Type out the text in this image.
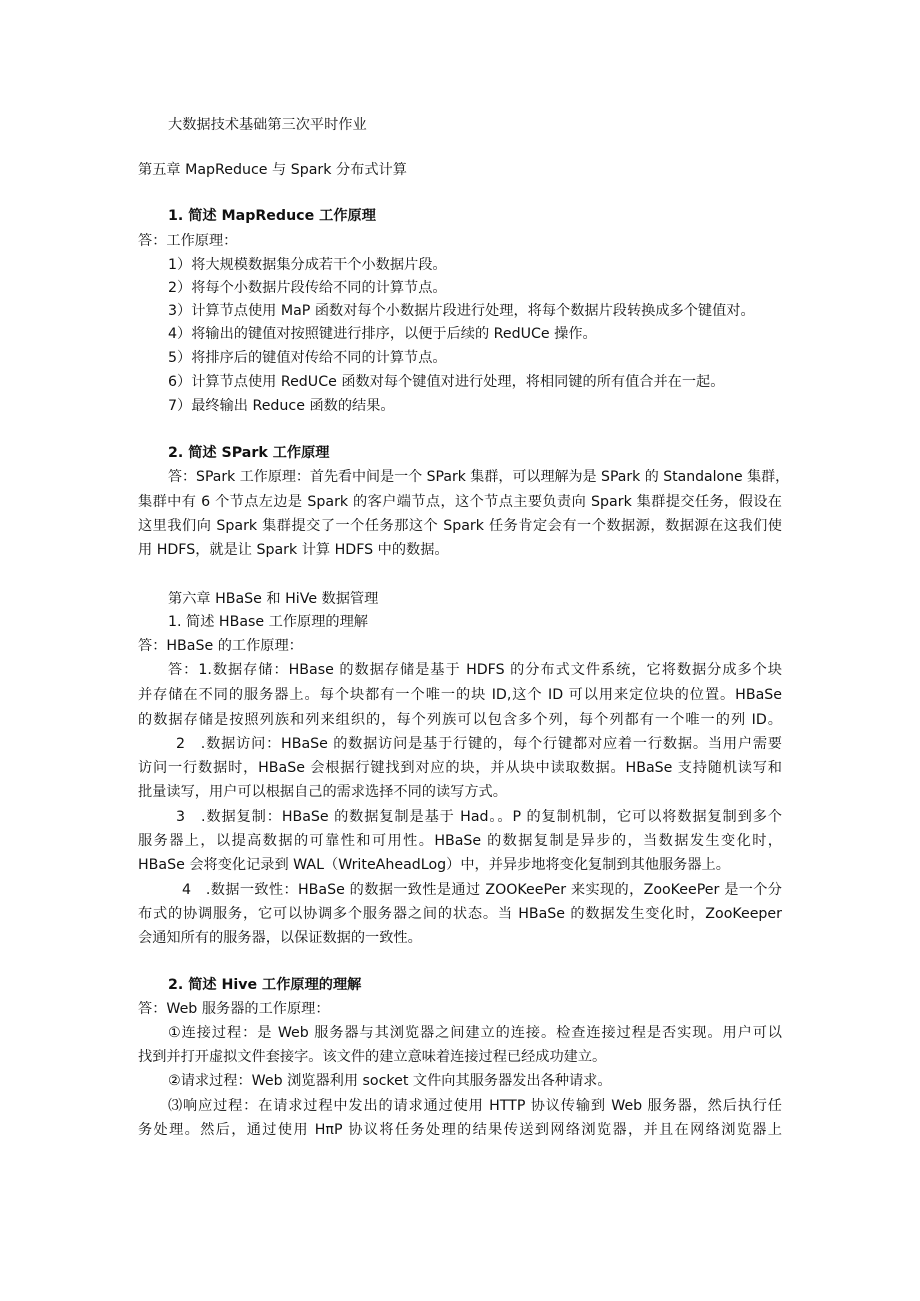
大数据技术基础第三次平时作业

第五章 MapReduce 与 Spark 分布式计算

1. 简述 MapReduce 工作原理

答：工作原理：

1）将大规模数据集分成若干个小数据片段。

2）将每个小数据片段传给不同的计算节点。

3）计算节点使用 MaP 函数对每个小数据片段进行处理，将每个数据片段转换成多个键值对。

4）将输出的键值对按照键进行排序，以便于后续的 RedUCe 操作。

5）将排序后的键值对传给不同的计算节点。

6）计算节点使用 RedUCe 函数对每个键值对进行处理，将相同键的所有值合并在一起。

7）最终输出 Reduce 函数的结果。

2. 简述 SPark 工作原理

答：SPark 工作原理：首先看中间是一个 SPark 集群，可以理解为是 SPark 的 Standalone 集群，

集群中有 6 个节点左边是 Spark 的客户端节点，这个节点主要负责向 Spark 集群提交任务，假设在

这里我们向 Spark 集群提交了一个任务那这个 Spark 任务肯定会有一个数据源，数据源在这我们使

用 HDFS，就是让 Spark 计算 HDFS 中的数据。

第六章 HBaSe 和 HiVe 数据管理

1. 简述 HBase 工作原理的理解

答：HBaSe 的工作原理：

答：1.数据存储：HBase 的数据存储是基于 HDFS 的分布式文件系统，它将数据分成多个块

并存储在不同的服务器上。每个块都有一个唯一的块 ID,这个 ID 可以用来定位块的位置。HBaSe

的数据存储是按照列族和列来组织的，每个列族可以包含多个列，每个列都有一个唯一的列 ID。

2　.数据访问：HBaSe 的数据访问是基于行键的，每个行键都对应着一行数据。当用户需要

访问一行数据时，HBaSe 会根据行键找到对应的块，并从块中读取数据。HBaSe 支持随机读写和

批量读写，用户可以根据自己的需求选择不同的读写方式。

3　.数据复制：HBaSe 的数据复制是基于 Had。。P 的复制机制，它可以将数据复制到多个

服务器上，以提高数据的可靠性和可用性。HBaSe 的数据复制是异步的，当数据发生变化时，

HBaSe 会将变化记录到 WAL（WriteAheadLog）中，并异步地将变化复制到其他服务器上。

4　.数据一致性：HBaSe 的数据一致性是通过 ZOOKeePer 来实现的，ZooKeePer 是一个分

布式的协调服务，它可以协调多个服务器之间的状态。当 HBaSe 的数据发生变化时，ZooKeeper

会通知所有的服务器，以保证数据的一致性。

2. 简述 Hive 工作原理的理解

答：Web 服务器的工作原理：

①连接过程：是 Web 服务器与其浏览器之间建立的连接。检查连接过程是否实现。用户可以

找到并打开虚拟文件套接字。该文件的建立意味着连接过程已经成功建立。

②请求过程：Web 浏览器利用 socket 文件向其服务器发出各种请求。

⑶响应过程：在请求过程中发出的请求通过使用 HTTP 协议传输到 Web 服务器，然后执行任

务处理。然后，通过使用 HπP 协议将任务处理的结果传送到网络浏览器，并且在网络浏览器上
